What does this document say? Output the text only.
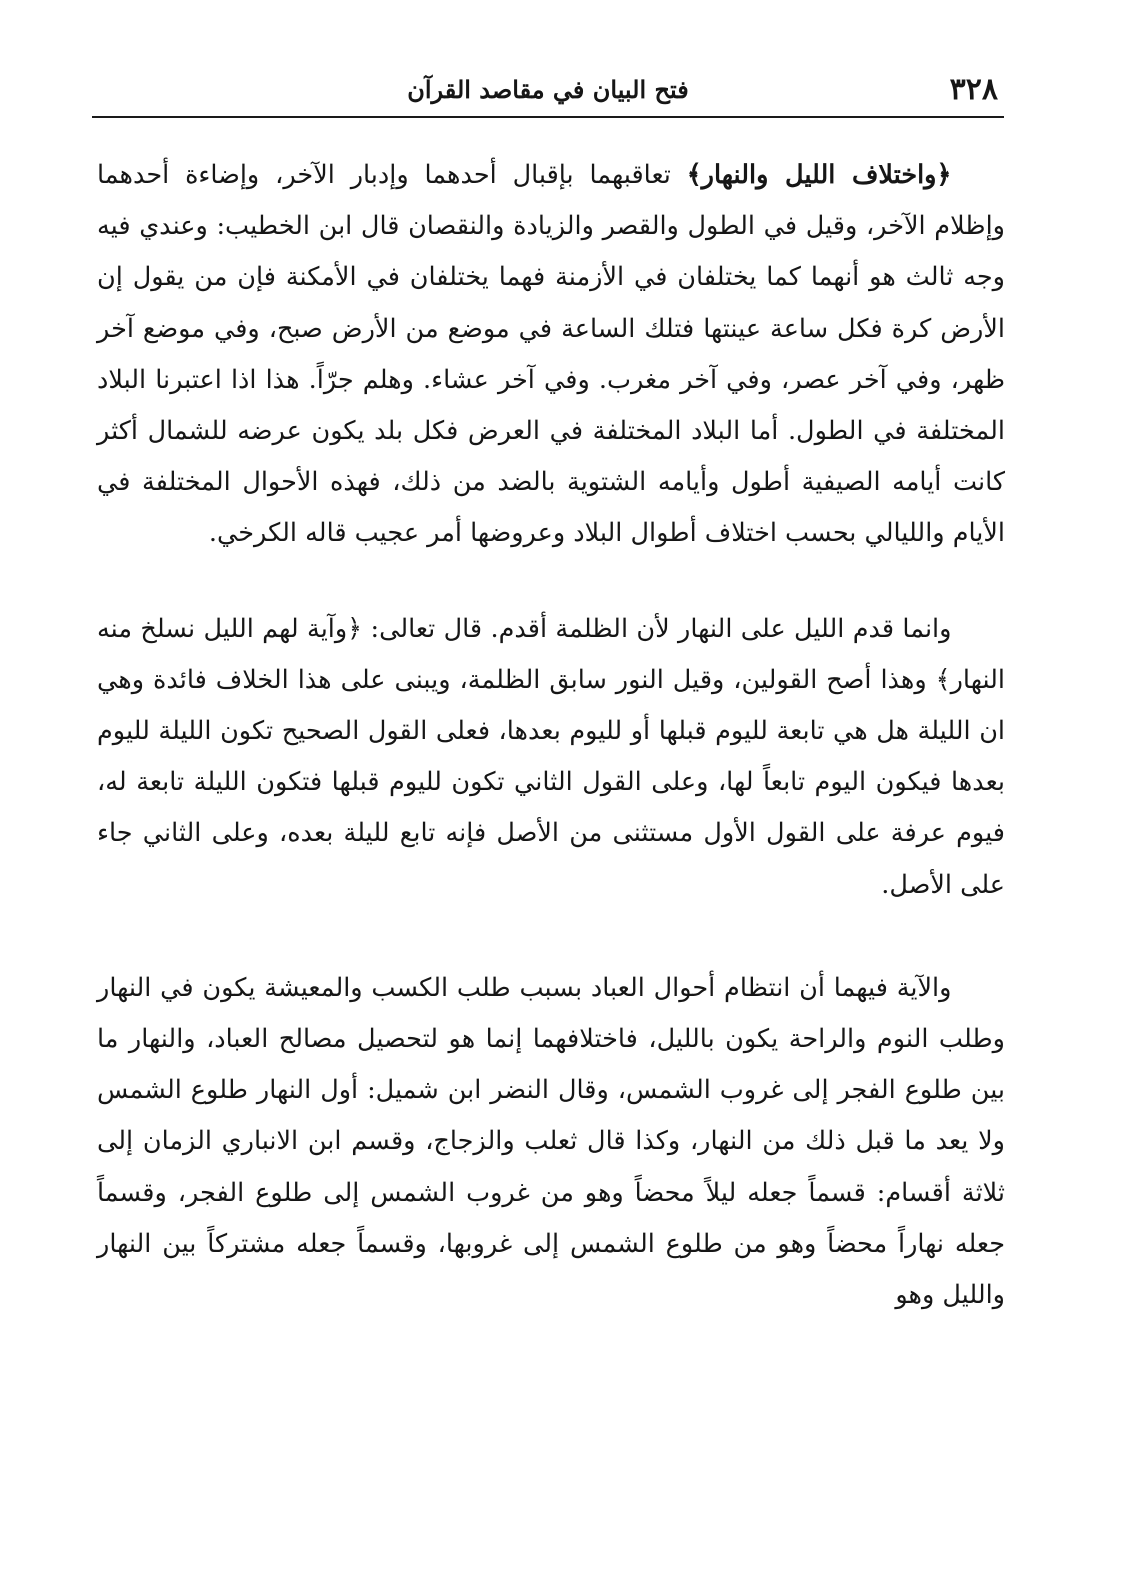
٣٢٨
فتح البيان في مقاصد القرآن

﴿واختلاف الليل والنهار﴾ تعاقبهما بإقبال أحدهما وإدبار الآخر، وإضاءة أحدهما وإظلام الآخر، وقيل في الطول والقصر والزيادة والنقصان قال ابن الخطيب: وعندي فيه وجه ثالث هو أنهما كما يختلفان في الأزمنة فهما يختلفان في الأمكنة فإن من يقول إن الأرض كرة فكل ساعة عينتها فتلك الساعة في موضع من الأرض صبح، وفي موضع آخر ظهر، وفي آخر عصر، وفي آخر مغرب. وفي آخر عشاء. وهلم جرّاً. هذا اذا اعتبرنا البلاد المختلفة في الطول. أما البلاد المختلفة في العرض فكل بلد يكون عرضه للشمال أكثر كانت أيامه الصيفية أطول وأيامه الشتوية بالضد من ذلك، فهذه الأحوال المختلفة في الأيام والليالي بحسب اختلاف أطوال البلاد وعروضها أمر عجيب قاله الكرخي.

وانما قدم الليل على النهار لأن الظلمة أقدم. قال تعالى: ﴿وآية لهم الليل نسلخ منه النهار﴾ وهذا أصح القولين، وقيل النور سابق الظلمة، ويبنى على هذا الخلاف فائدة وهي ان الليلة هل هي تابعة لليوم قبلها أو لليوم بعدها، فعلى القول الصحيح تكون الليلة لليوم بعدها فيكون اليوم تابعاً لها، وعلى القول الثاني تكون لليوم قبلها فتكون الليلة تابعة له، فيوم عرفة على القول الأول مستثنى من الأصل فإنه تابع لليلة بعده، وعلى الثاني جاء على الأصل.

والآية فيهما أن انتظام أحوال العباد بسبب طلب الكسب والمعيشة يكون في النهار وطلب النوم والراحة يكون بالليل، فاختلافهما إنما هو لتحصيل مصالح العباد، والنهار ما بين طلوع الفجر إلى غروب الشمس، وقال النضر ابن شميل: أول النهار طلوع الشمس ولا يعد ما قبل ذلك من النهار، وكذا قال ثعلب والزجاج، وقسم ابن الانباري الزمان إلى ثلاثة أقسام: قسماً جعله ليلاً محضاً وهو من غروب الشمس إلى طلوع الفجر، وقسماً جعله نهاراً محضاً وهو من طلوع الشمس إلى غروبها، وقسماً جعله مشتركاً بين النهار والليل وهو
